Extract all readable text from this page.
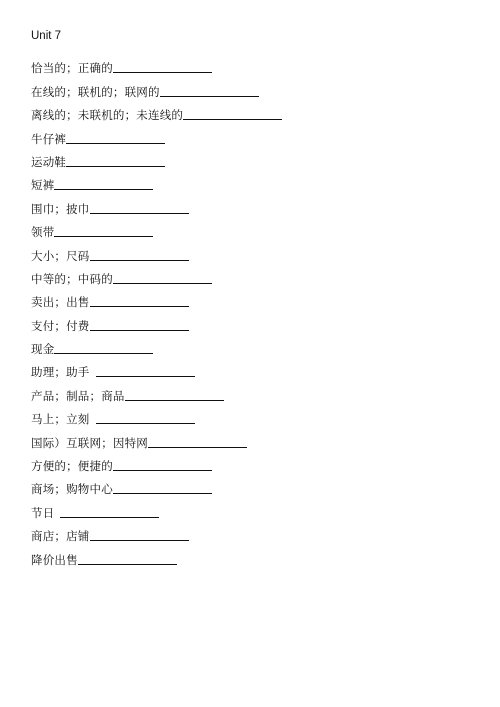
Unit 7
恰当的；正确的
在线的；联机的；联网的
离线的；未联机的；未连线的
牛仔裤
运动鞋
短裤
围巾；披巾
领带
大小；尺码
中等的；中码的
卖出；出售
支付；付费
现金
助理；助手
产品；制品；商品
马上；立刻
国际）互联网；因特网
方便的；便捷的
商场；购物中心
节日
商店；店铺
降价出售
